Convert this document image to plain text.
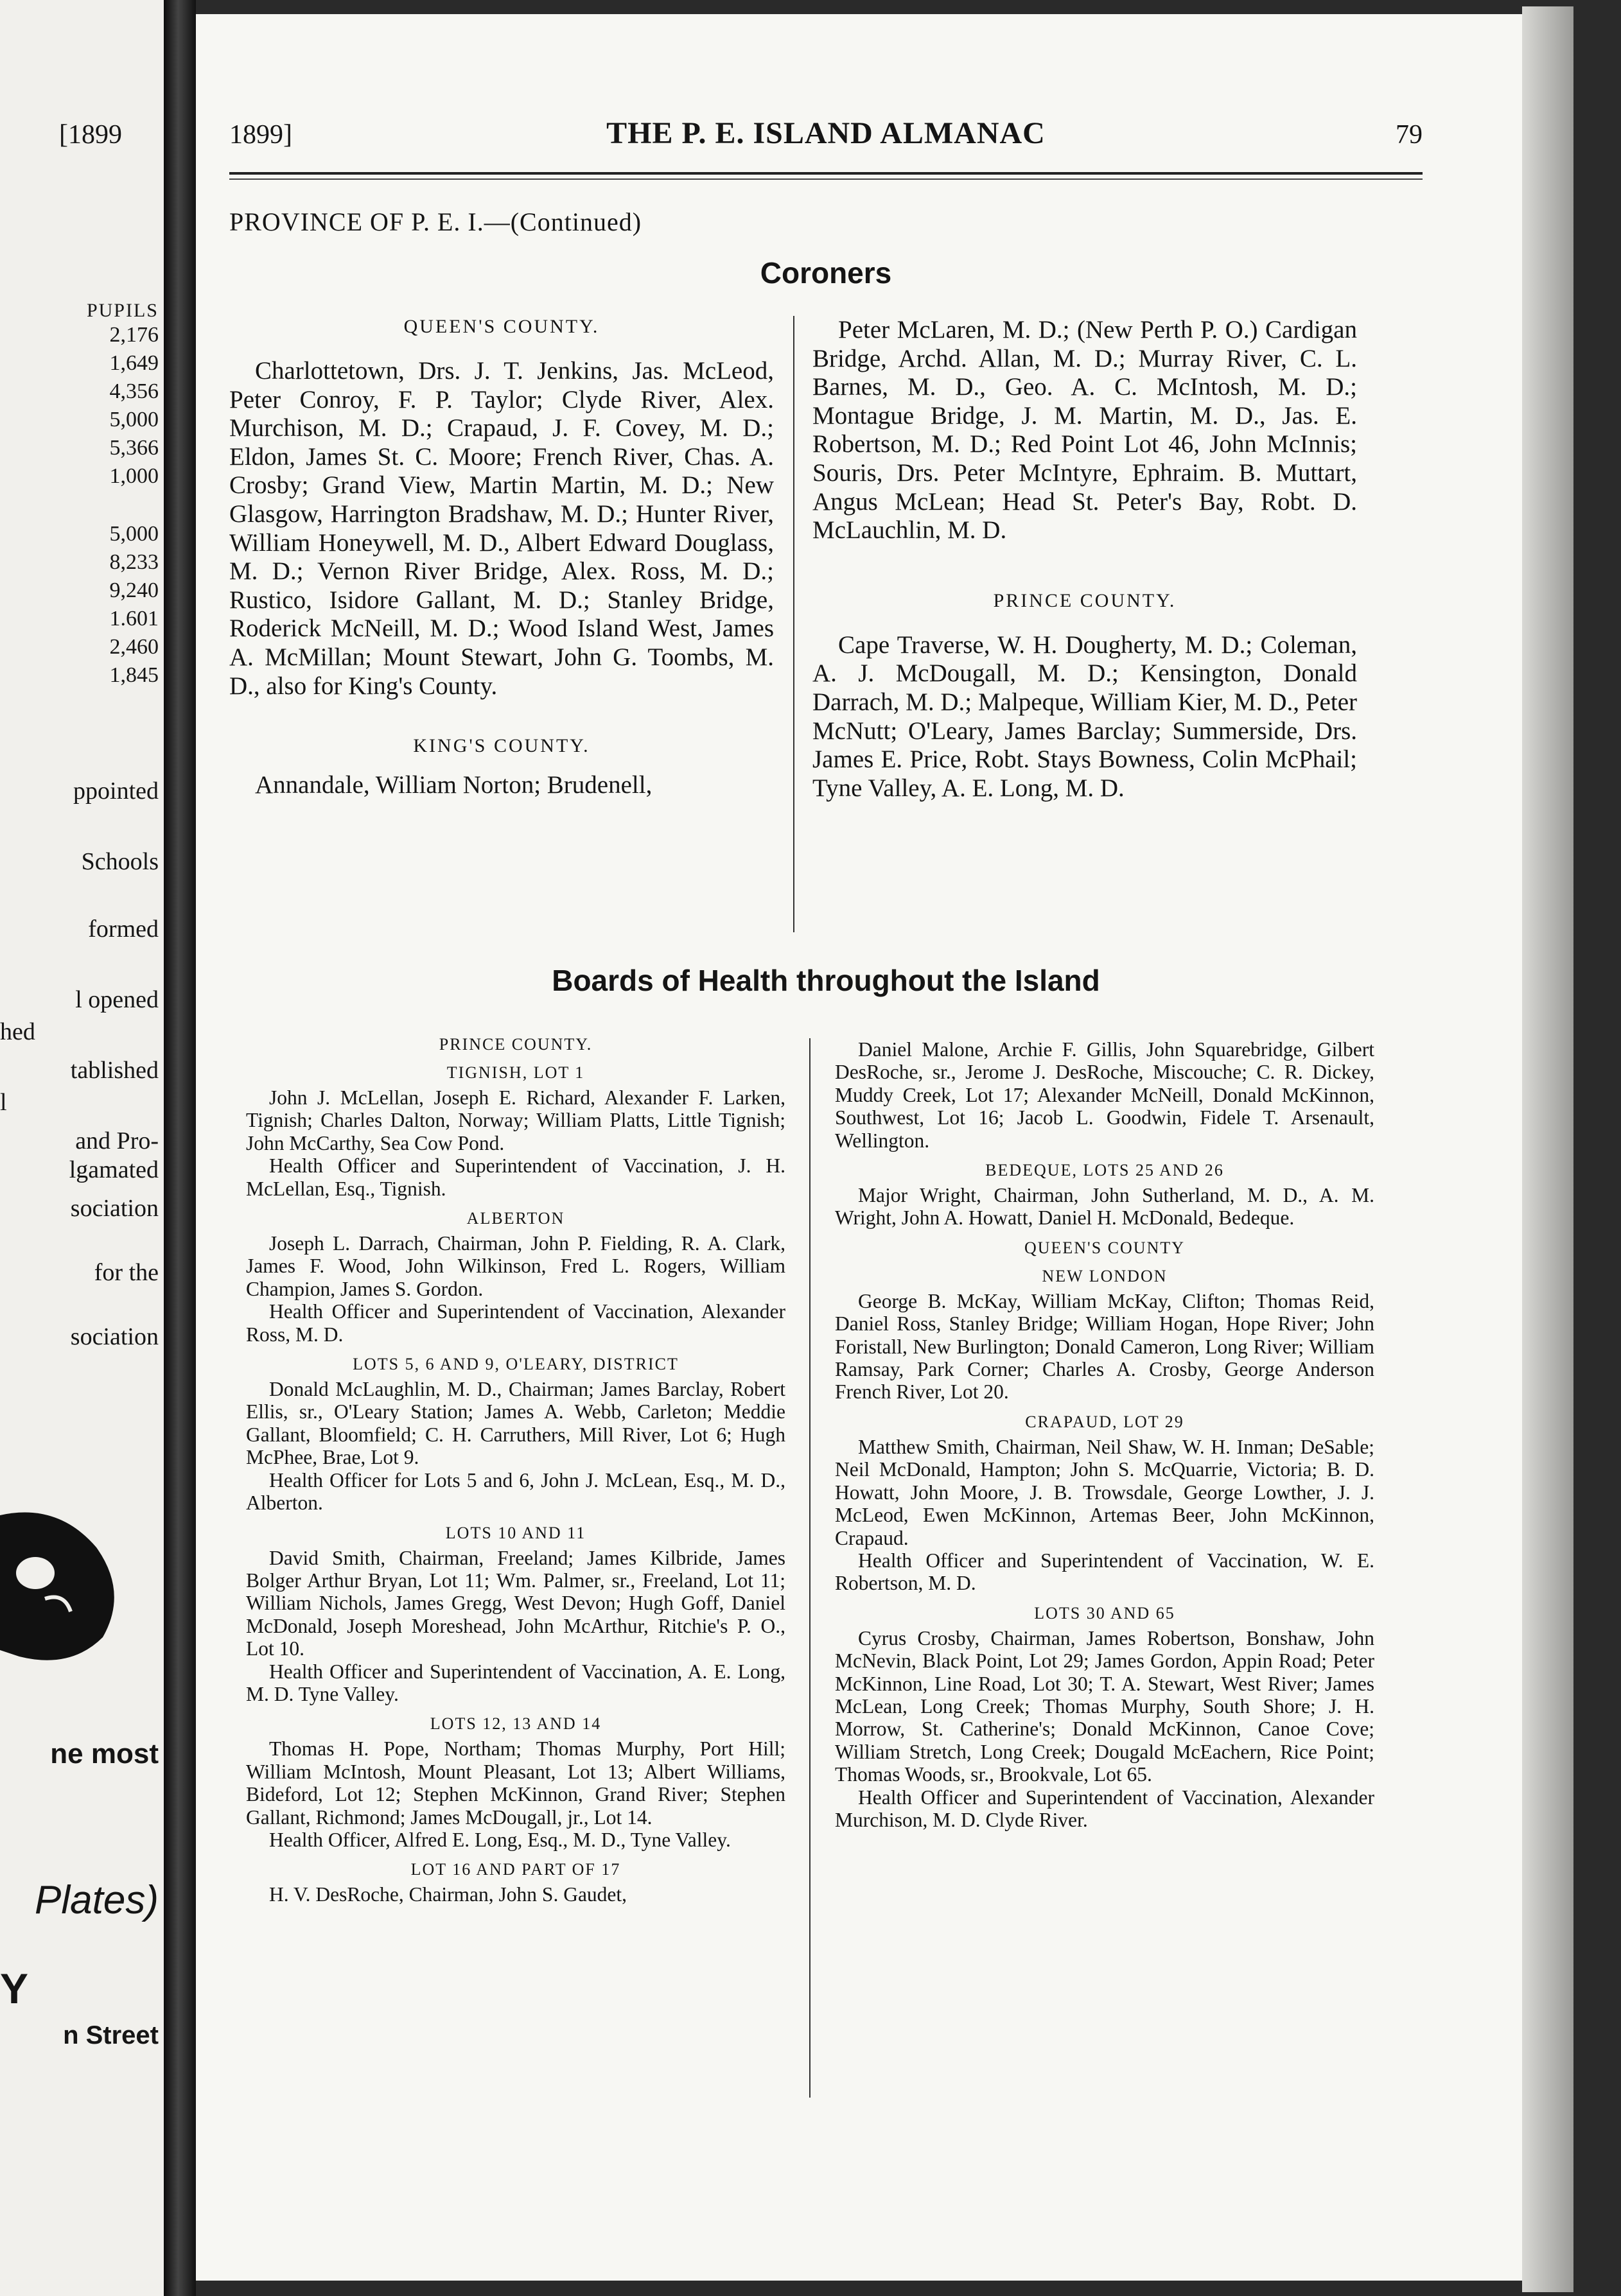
[1899
PUPILS
2,176
1,649
4,356
5,000
5,366
1,000
5,000
8,233
9,240
1.601
2,460
1,845
ppointed
Schools
formed
l opened
hed
tablished
l
and Pro-
lgamated
sociation
for the
sociation
ne most
Plates)
Y
n Street
1899]	THE P. E. ISLAND ALMANAC	79
PROVINCE OF P. E. I.—(Continued)
Coroners
QUEEN'S COUNTY.

Charlottetown, Drs. J. T. Jenkins, Jas. McLeod, Peter Conroy, F. P. Taylor; Clyde River, Alex. Murchison, M. D.; Crapaud, J. F. Covey, M. D.; Eldon, James St. C. Moore; French River, Chas. A. Crosby; Grand View, Martin Martin, M. D.; New Glasgow, Harrington Bradshaw, M. D.; Hunter River, William Honeywell, M. D., Albert Edward Douglass, M. D.; Vernon River Bridge, Alex. Ross, M. D.; Rustico, Isidore Gallant, M. D.; Stanley Bridge, Roderick McNeill, M. D.; Wood Island West, James A. McMillan; Mount Stewart, John G. Toombs, M. D., also for King's County.

KING'S COUNTY.

Annandale, William Norton; Brudenell,

Peter McLaren, M. D.; (New Perth P. O.) Cardigan Bridge, Archd. Allan, M. D.; Murray River, C. L. Barnes, M. D., Geo. A. C. McIntosh, M. D.; Montague Bridge, J. M. Martin, M. D., Jas. E. Robertson, M. D.; Red Point Lot 46, John McInnis; Souris, Drs. Peter McIntyre, Ephraim. B. Muttart, Angus McLean; Head St. Peter's Bay, Robt. D. McLauchlin, M. D.

PRINCE COUNTY.

Cape Traverse, W. H. Dougherty, M. D.; Coleman, A. J. McDougall, M. D.; Kensington, Donald Darrach, M. D.; Malpeque, William Kier, M. D., Peter McNutt; O'Leary, James Barclay; Summerside, Drs. James E. Price, Robt. Stays Bowness, Colin McPhail; Tyne Valley, A. E. Long, M. D.

Boards of Health throughout the Island
PRINCE COUNTY.
TIGNISH, LOT 1

John J. McLellan, Joseph E. Richard, Alexander F. Larken, Tignish; Charles Dalton, Norway; William Platts, Little Tignish; John McCarthy, Sea Cow Pond.

Health Officer and Superintendent of Vaccination, J. H. McLellan, Esq., Tignish.

ALBERTON

Joseph L. Darrach, Chairman, John P. Fielding, R. A. Clark, James F. Wood, John Wilkinson, Fred L. Rogers, William Champion, James S. Gordon.

Health Officer and Superintendent of Vaccination, Alexander Ross, M. D.

LOTS 5, 6 AND 9, O'LEARY, DISTRICT

Donald McLaughlin, M. D., Chairman; James Barclay, Robert Ellis, sr., O'Leary Station; James A. Webb, Carleton; Meddie Gallant, Bloomfield; C. H. Carruthers, Mill River, Lot 6; Hugh McPhee, Brae, Lot 9.

Health Officer for Lots 5 and 6, John J. McLean, Esq., M. D., Alberton.

LOTS 10 AND 11

David Smith, Chairman, Freeland; James Kilbride, James Bolger Arthur Bryan, Lot 11; Wm. Palmer, sr., Freeland, Lot 11; William Nichols, James Gregg, West Devon; Hugh Goff, Daniel McDonald, Joseph Moreshead, John McArthur, Ritchie's P. O., Lot 10.

Health Officer and Superintendent of Vaccination, A. E. Long, M. D. Tyne Valley.

LOTS 12, 13 AND 14

Thomas H. Pope, Northam; Thomas Murphy, Port Hill; William McIntosh, Mount Pleasant, Lot 13; Albert Williams, Bideford, Lot 12; Stephen McKinnon, Grand River; Stephen Gallant, Richmond; James McDougall, jr., Lot 14.

Health Officer, Alfred E. Long, Esq., M. D., Tyne Valley.

LOT 16 AND PART OF 17

H. V. DesRoche, Chairman, John S. Gaudet,

Daniel Malone, Archie F. Gillis, John Squarebridge, Gilbert DesRoche, sr., Jerome J. DesRoche, Miscouche; C. R. Dickey, Muddy Creek, Lot 17; Alexander McNeill, Donald McKinnon, Southwest, Lot 16; Jacob L. Goodwin, Fidele T. Arsenault, Wellington.

BEDEQUE, LOTS 25 AND 26

Major Wright, Chairman, John Sutherland, M. D., A. M. Wright, John A. Howatt, Daniel H. McDonald, Bedeque.

QUEEN'S COUNTY
NEW LONDON

George B. McKay, William McKay, Clifton; Thomas Reid, Daniel Ross, Stanley Bridge; William Hogan, Hope River; John Foristall, New Burlington; Donald Cameron, Long River; William Ramsay, Park Corner; Charles A. Crosby, George Anderson French River, Lot 20.

CRAPAUD, LOT 29

Matthew Smith, Chairman, Neil Shaw, W. H. Inman; DeSable; Neil McDonald, Hampton; John S. McQuarrie, Victoria; B. D. Howatt, John Moore, J. B. Trowsdale, George Lowther, J. J. McLeod, Ewen McKinnon, Artemas Beer, John McKinnon, Crapaud.

Health Officer and Superintendent of Vaccination, W. E. Robertson, M. D.

LOTS 30 AND 65

Cyrus Crosby, Chairman, James Robertson, Bonshaw, John McNevin, Black Point, Lot 29; James Gordon, Appin Road; Peter McKinnon, Line Road, Lot 30; T. A. Stewart, West River; James McLean, Long Creek; Thomas Murphy, South Shore; J. H. Morrow, St. Catherine's; Donald McKinnon, Canoe Cove; William Stretch, Long Creek; Dougald McEachern, Rice Point; Thomas Woods, sr., Brookvale, Lot 65.

Health Officer and Superintendent of Vaccination, Alexander Murchison, M. D. Clyde River.
